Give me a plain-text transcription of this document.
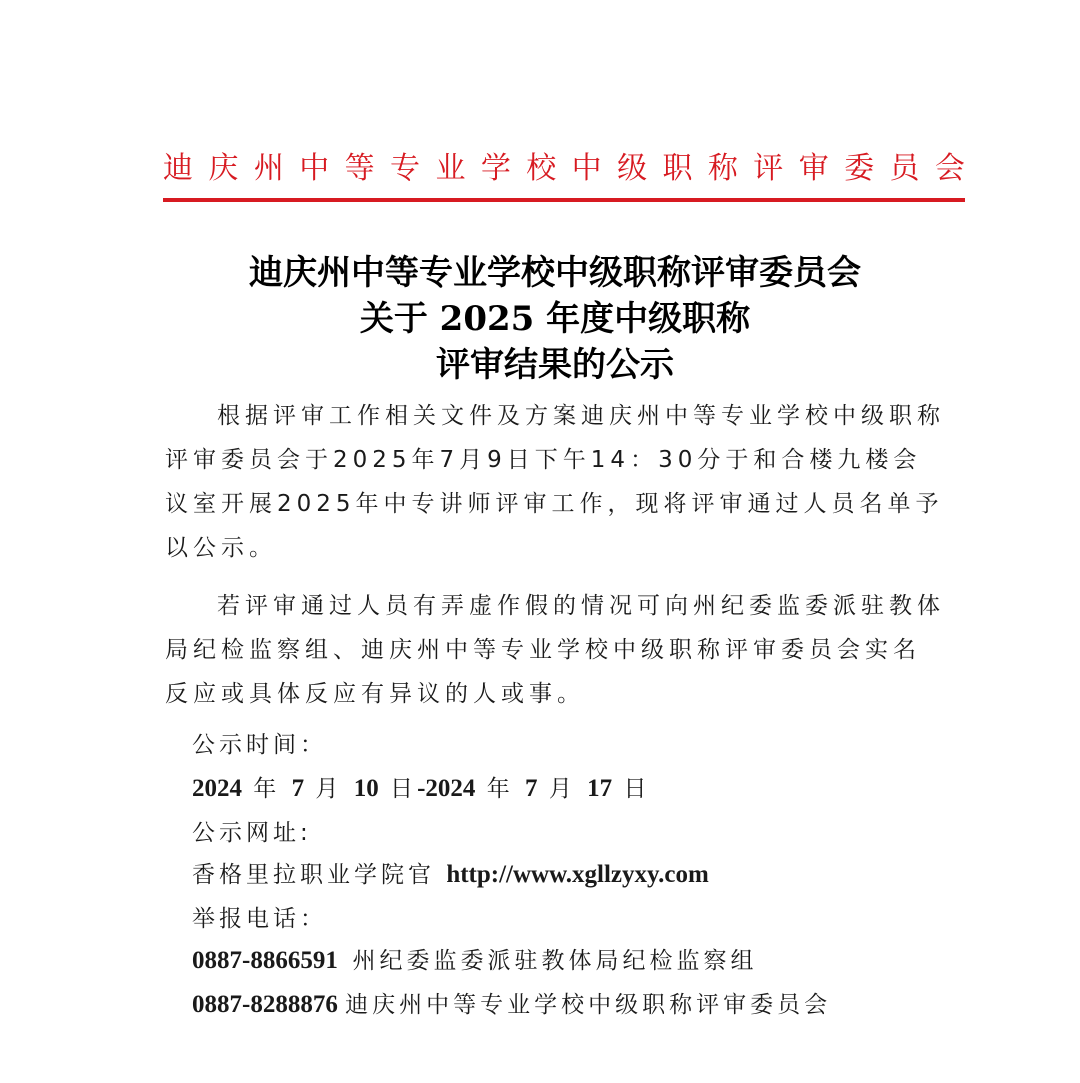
迪 庆 州 中 等 专 业 学 校 中 级 职 称 评 审 委 员 会
迪庆州中等专业学校中级职称评审委员会
关于 2025 年度中级职称
评审结果的公示
根据评审工作相关文件及方案迪庆州中等专业学校中级职称评审委员会于2025年7月9日下午14：30分于和合楼九楼会议室开展2025年中专讲师评审工作，现将评审通过人员名单予以公示。
若评审通过人员有弄虚作假的情况可向州纪委监委派驻教体局纪检监察组、迪庆州中等专业学校中级职称评审委员会实名反应或具体反应有异议的人或事。
公示时间：
2024 年 7 月 10 日-2024 年 7 月 17 日
公示网址:
香格里拉职业学院官 http://www.xgllzyxy.com
举报电话：
0887-8866591 州纪委监委派驻教体局纪检监察组
0887-8288876 迪庆州中等专业学校中级职称评审委员会
